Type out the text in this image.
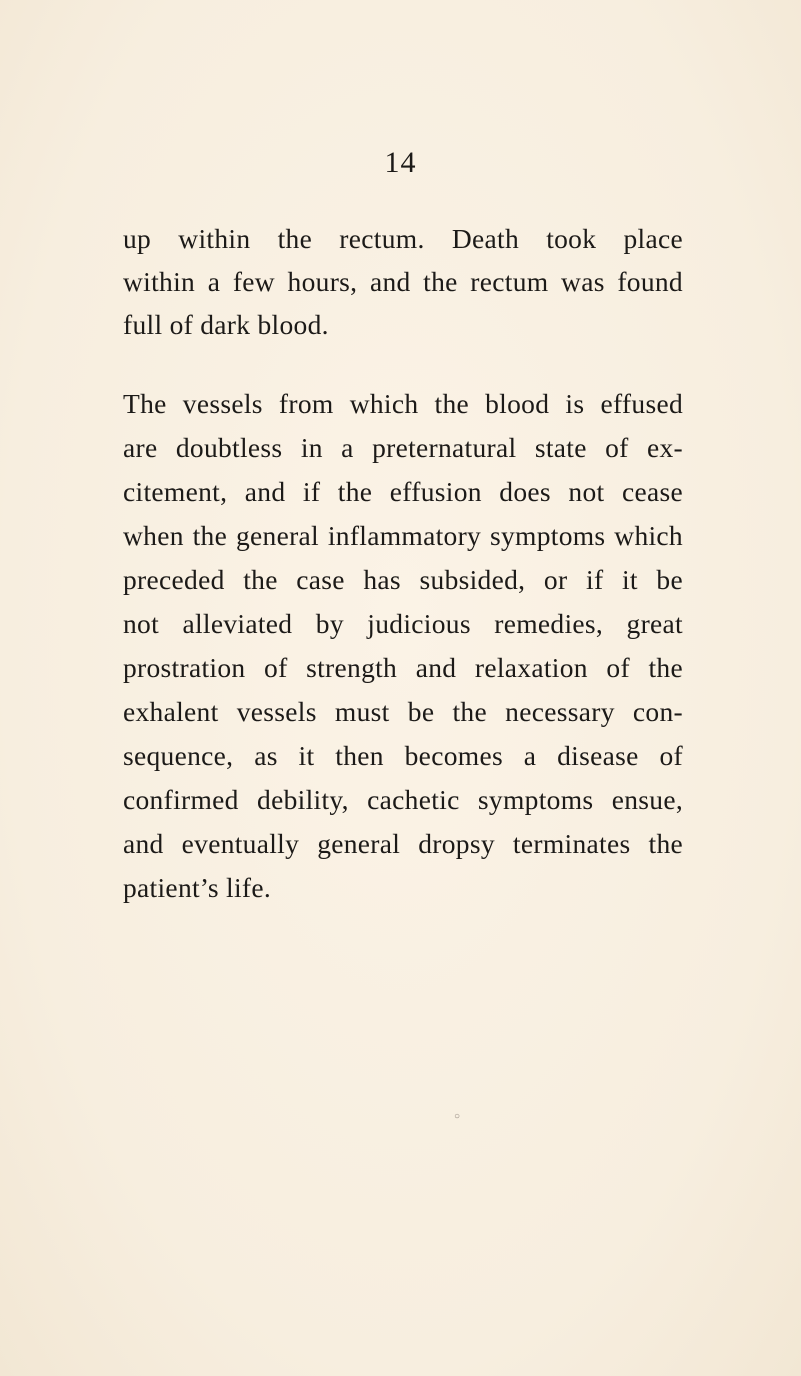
14
up within the rectum. Death took place
within a few hours, and the rectum was found
full of dark blood.
The vessels from which the blood is effused
are doubtless in a preternatural state of ex-
citement, and if the effusion does not cease
when the general inflammatory symptoms which
preceded the case has subsided, or if it be
not alleviated by judicious remedies, great
prostration of strength and relaxation of the
exhalent vessels must be the necessary con-
sequence, as it then becomes a disease of
confirmed debility, cachetic symptoms ensue,
and eventually general dropsy terminates the
patient’s life.
○
